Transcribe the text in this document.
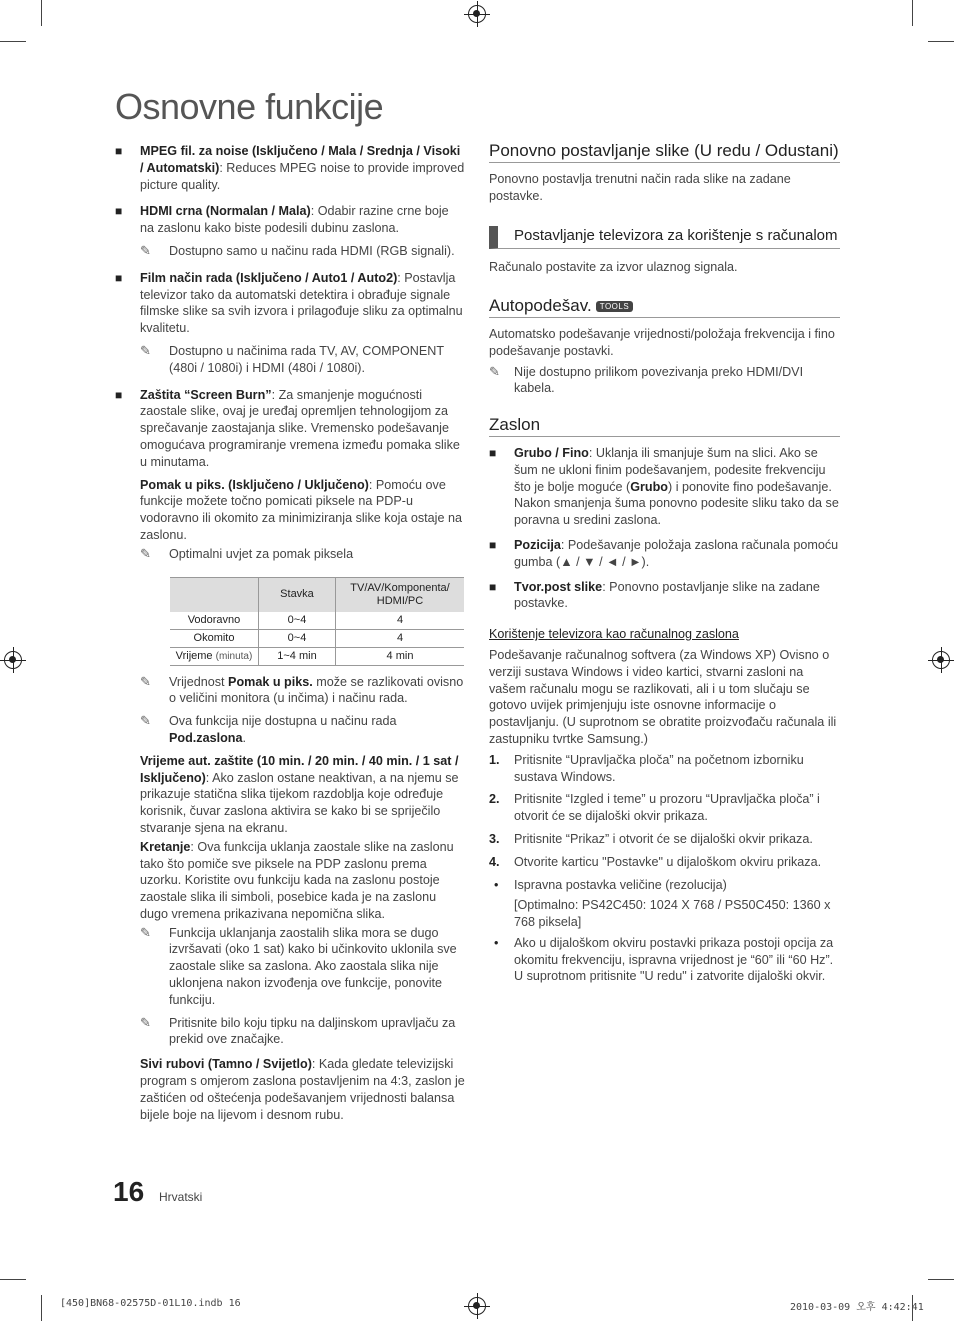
Osnovne funkcije
■ MPEG fil. za noise (Isključeno / Mala / Srednja / Visoki / Automatski): Reduces MPEG noise to provide improved picture quality.
■ HDMI crna (Normalan / Mala): Odabir razine crne boje na zaslonu kako biste podesili dubinu zaslona.
✎ Dostupno samo u načinu rada HDMI (RGB signali).
■ Film način rada (Isključeno / Auto1 / Auto2): Postavlja televizor tako da automatski detektira i obrađuje signale filmske slike sa svih izvora i prilagođuje sliku za optimalnu kvalitetu.
✎ Dostupno u načinima rada TV, AV, COMPONENT (480i / 1080i) i HDMI (480i / 1080i).
■ Zaštita “Screen Burn”: Za smanjenje mogućnosti zaostale slike, ovaj je uređaj opremljen tehnologijom za sprečavanje zaostajanja slike. Vremensko podešavanje omogućava programiranje vremena između pomaka slike u minutama.

Pomak u piks. (Isključeno / Uključeno): Pomoću ove funkcije možete točno pomicati piksele na PDP-u vodoravno ili okomito za minimiziranja slike koja ostaje na zaslonu.

✎ Optimalni uvjet za pomak piksela
	Stavka	TV/AV/Komponenta/ HDMI/PC
Vodoravno	0~4	4
Okomito	0~4	4
Vrijeme (minuta)	1~4 min	4 min
✎ Vrijednost Pomak u piks. može se razlikovati ovisno o veličini monitora (u inčima) i načinu rada.
✎ Ova funkcija nije dostupna u načinu rada Pod.zaslona.

Vrijeme aut. zaštite (10 min. / 20 min. / 40 min. / 1 sat / Isključeno): Ako zaslon ostane neaktivan, a na njemu se prikazuje statična slika tijekom razdoblja koje određuje korisnik, čuvar zaslona aktivira se kako bi se spriječilo stvaranje sjena na ekranu.

Kretanje: Ova funkcija uklanja zaostale slike na zaslonu tako što pomiče sve piksele na PDP zaslonu prema uzorku. Koristite ovu funkciju kada na zaslonu postoje zaostale slika ili simboli, posebice kada je na zaslonu dugo vremena prikazivana nepomična slika.

✎ Funkcija uklanjanja zaostalih slika mora se dugo izvršavati (oko 1 sat) kako bi učinkovito uklonila sve zaostale slike sa zaslona. Ako zaostala slika nije uklonjena nakon izvođenja ove funkcije, ponovite funkciju.
✎ Pritisnite bilo koju tipku na daljinskom upravljaču za prekid ove značajke.

Sivi rubovi (Tamno / Svijetlo): Kada gledate televizijski program s omjerom zaslona postavljenim na 4:3, zaslon je zaštićen od oštećenja podešavanjem vrijednosti balansa bijele boje na lijevom i desnom rubu.

Ponovno postavljanje slike (U redu / Odustani)

Ponovno postavlja trenutni način rada slike na zadane postavke.

Postavljanje televizora za korištenje s računalom

Računalo postavite za izvor ulaznog signala.

Autopodešav. TOOLS

Automatsko podešavanje vrijednosti/položaja frekvencija i fino podešavanje postavki.

✎ Nije dostupno prilikom povezivanja preko HDMI/DVI kabela.
Zaslon
■ Grubo / Fino: Uklanja ili smanjuje šum na slici. Ako se šum ne ukloni finim podešavanjem, podesite frekvenciju što je bolje moguće (Grubo) i ponovite fino podešavanje. Nakon smanjenja šuma ponovno podesite sliku tako da se poravna u sredini zaslona.
■ Pozicija: Podešavanje položaja zaslona računala pomoću gumba (▲ / ▼ / ◄ / ►).
■ Tvor.post slike: Ponovno postavljanje slike na zadane postavke.

Korištenje televizora kao računalnog zaslona

Podešavanje računalnog softvera (za Windows XP) Ovisno o verziji sustava Windows i video kartici, stvarni zasloni na vašem računalu mogu se razlikovati, ali i u tom slučaju se gotovo uvijek primjenjuju iste osnovne informacije o postavljanju. (U suprotnom se obratite proizvođaču računala ili zastupniku tvrtke Samsung.)

1. Pritisnite “Upravljačka ploča” na početnom izborniku sustava Windows.
2. Pritisnite “Izgled i teme” u prozoru “Upravljačka ploča” i otvorit će se dijaloški okvir prikaza.
3. Pritisnite “Prikaz” i otvorit će se dijaloški okvir prikaza.
4. Otvorite karticu "Postavke" u dijaloškom okviru prikaza.
• Ispravna postavka veličine (rezolucija)

[Optimalno: PS42C450: 1024 X 768 / PS50C450: 1360 x 768 piksela]

• Ako u dijaloškom okviru postavki prikaza postoji opcija za okomitu frekvenciju, ispravna vrijednost je “60” ili “60 Hz”. U suprotnom pritisnite "U redu" i zatvorite dijaloški okvir.
16 Hrvatski
[450]BN68-02575D-01L10.indb 16	2010-03-09 오후 4:42:41
